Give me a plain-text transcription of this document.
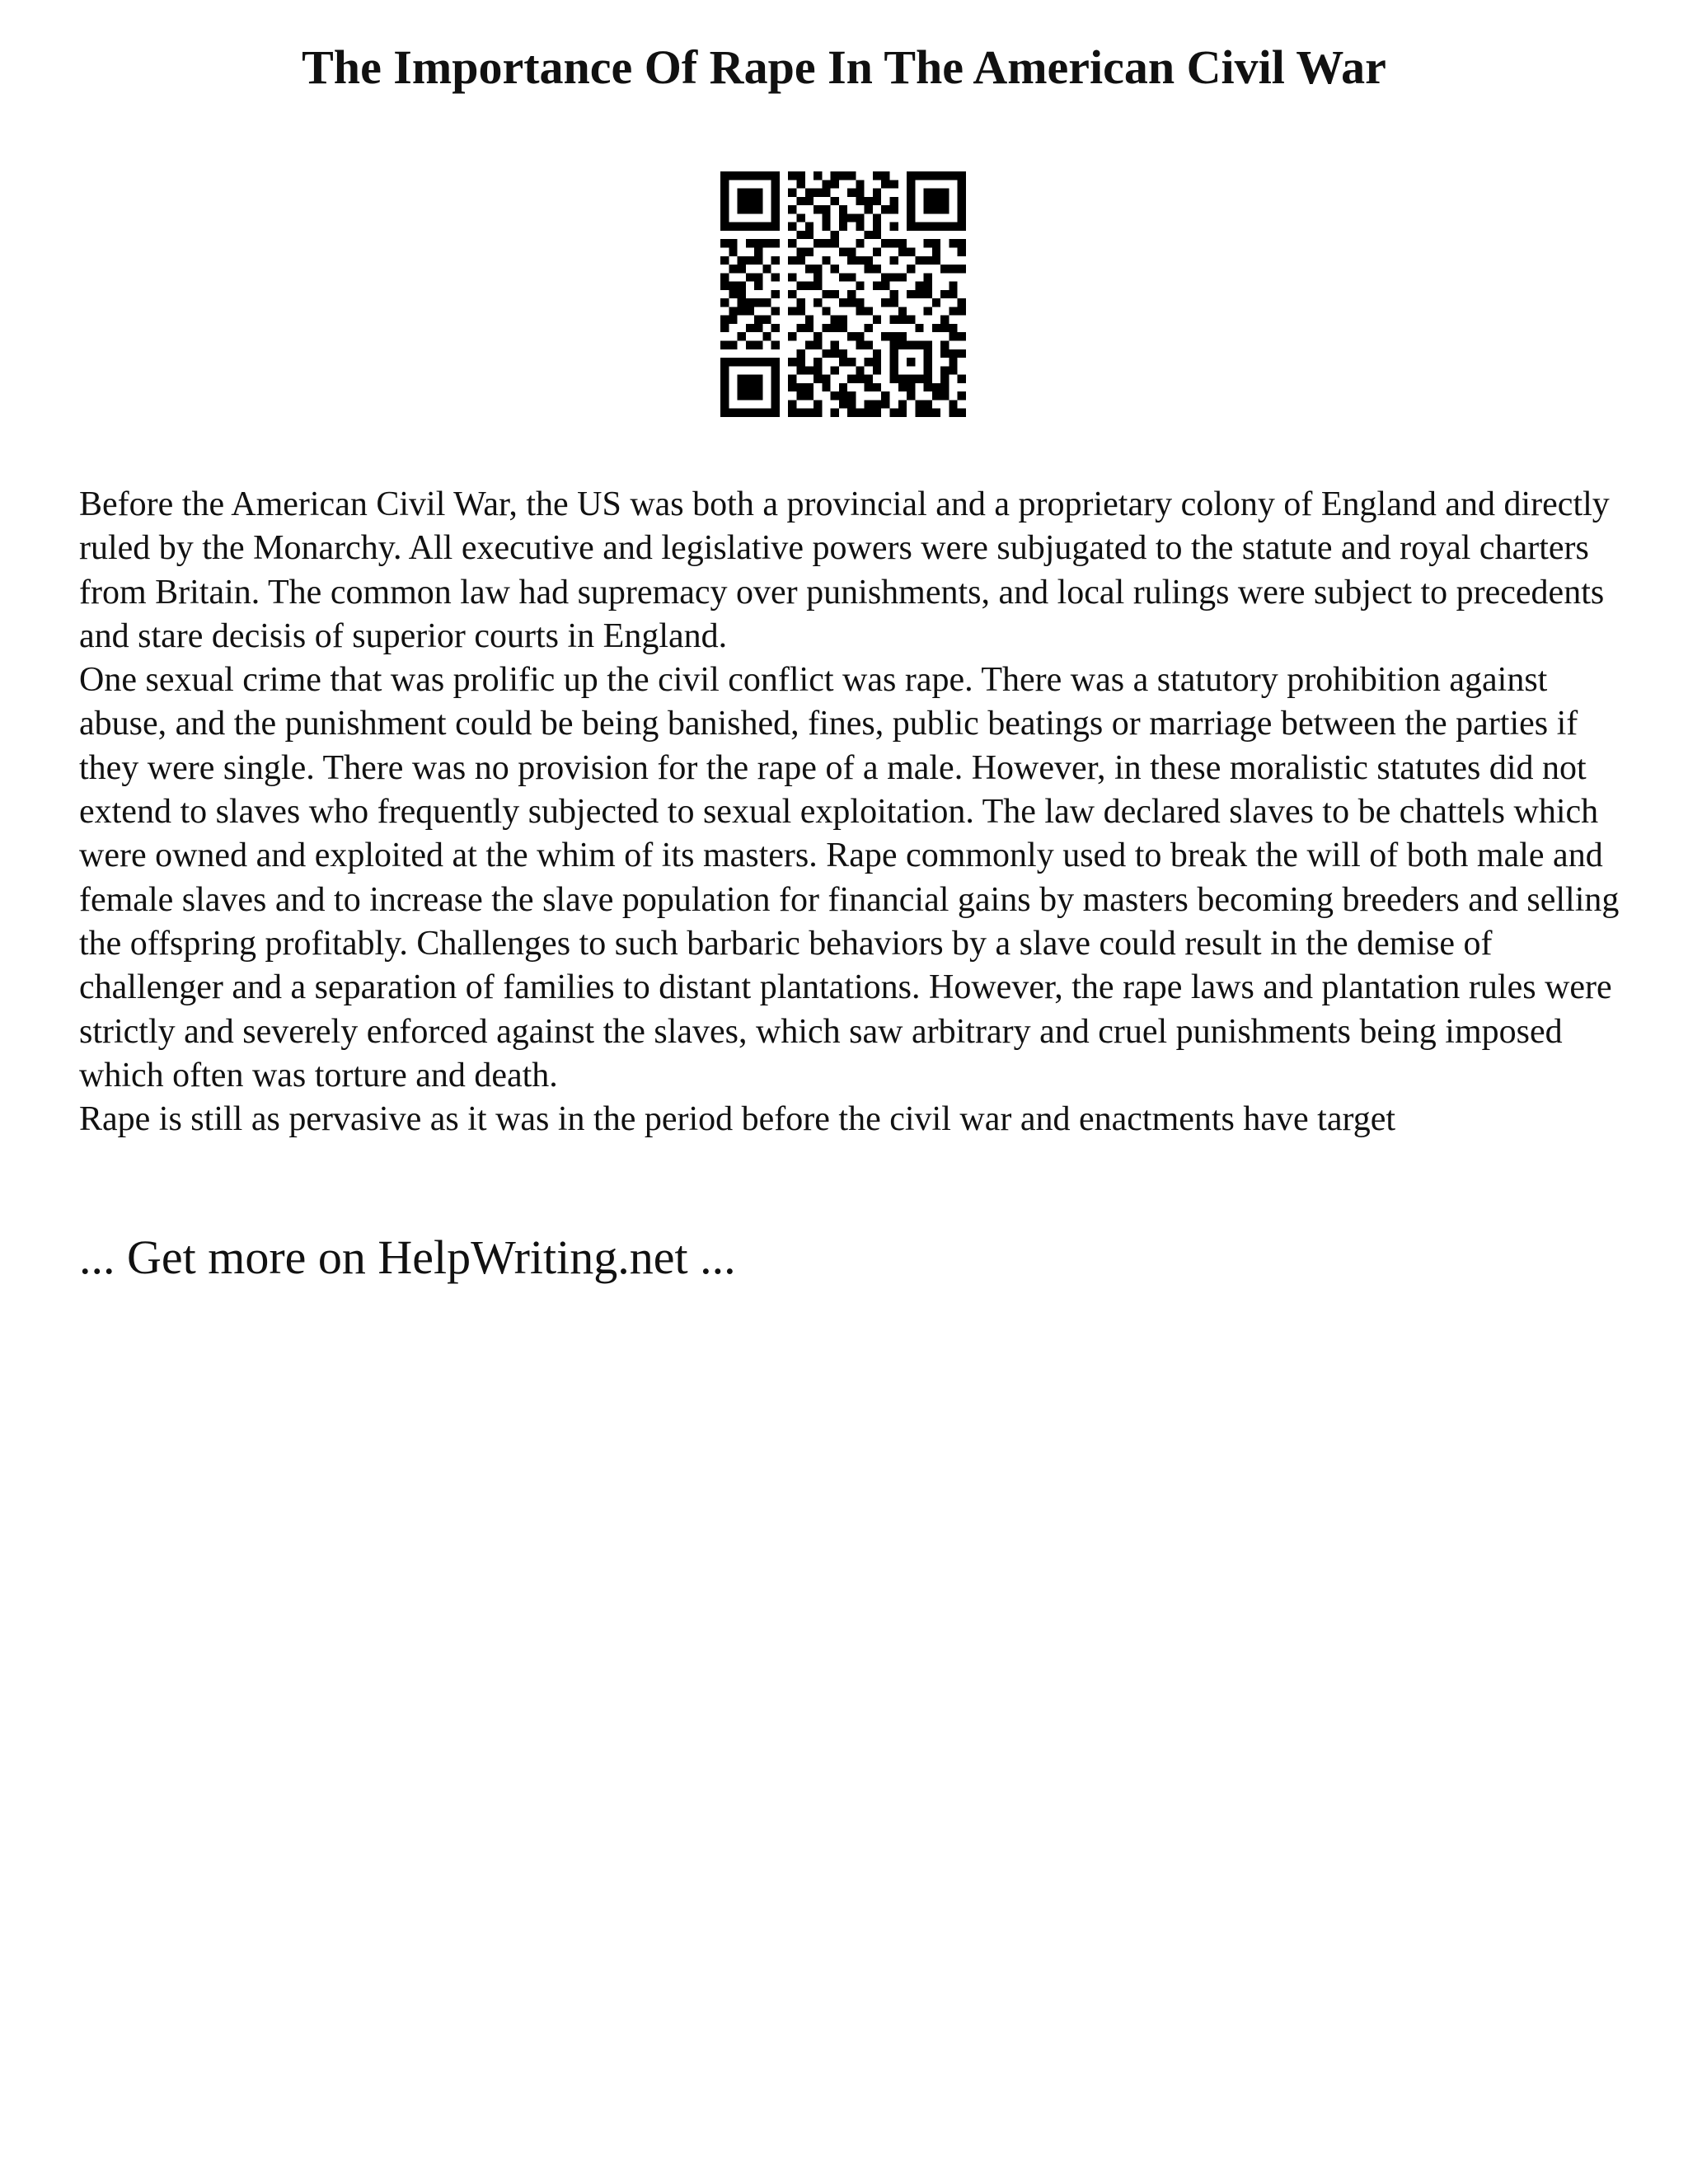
The Importance Of Rape In The American Civil War

Before the American Civil War, the US was both a provincial and a proprietary colony of England and directly ruled by the Monarchy. All executive and legislative powers were subjugated to the statute and royal charters from Britain. The common law had supremacy over punishments, and local rulings were subject to precedents and stare decisis of superior courts in England.

One sexual crime that was prolific up the civil conflict was rape. There was a statutory prohibition against abuse, and the punishment could be being banished, fines, public beatings or marriage between the parties if they were single. There was no provision for the rape of a male. However, in these moralistic statutes did not extend to slaves who frequently subjected to sexual exploitation. The law declared slaves to be chattels which were owned and exploited at the whim of its masters. Rape commonly used to break the will of both male and female slaves and to increase the slave population for financial gains by masters becoming breeders and selling the offspring profitably. Challenges to such barbaric behaviors by a slave could result in the demise of challenger and a separation of families to distant plantations. However, the rape laws and plantation rules were strictly and severely enforced against the slaves, which saw arbitrary and cruel punishments being imposed which often was torture and death.

Rape is still as pervasive as it was in the period before the civil war and enactments have target

... Get more on HelpWriting.net ...
